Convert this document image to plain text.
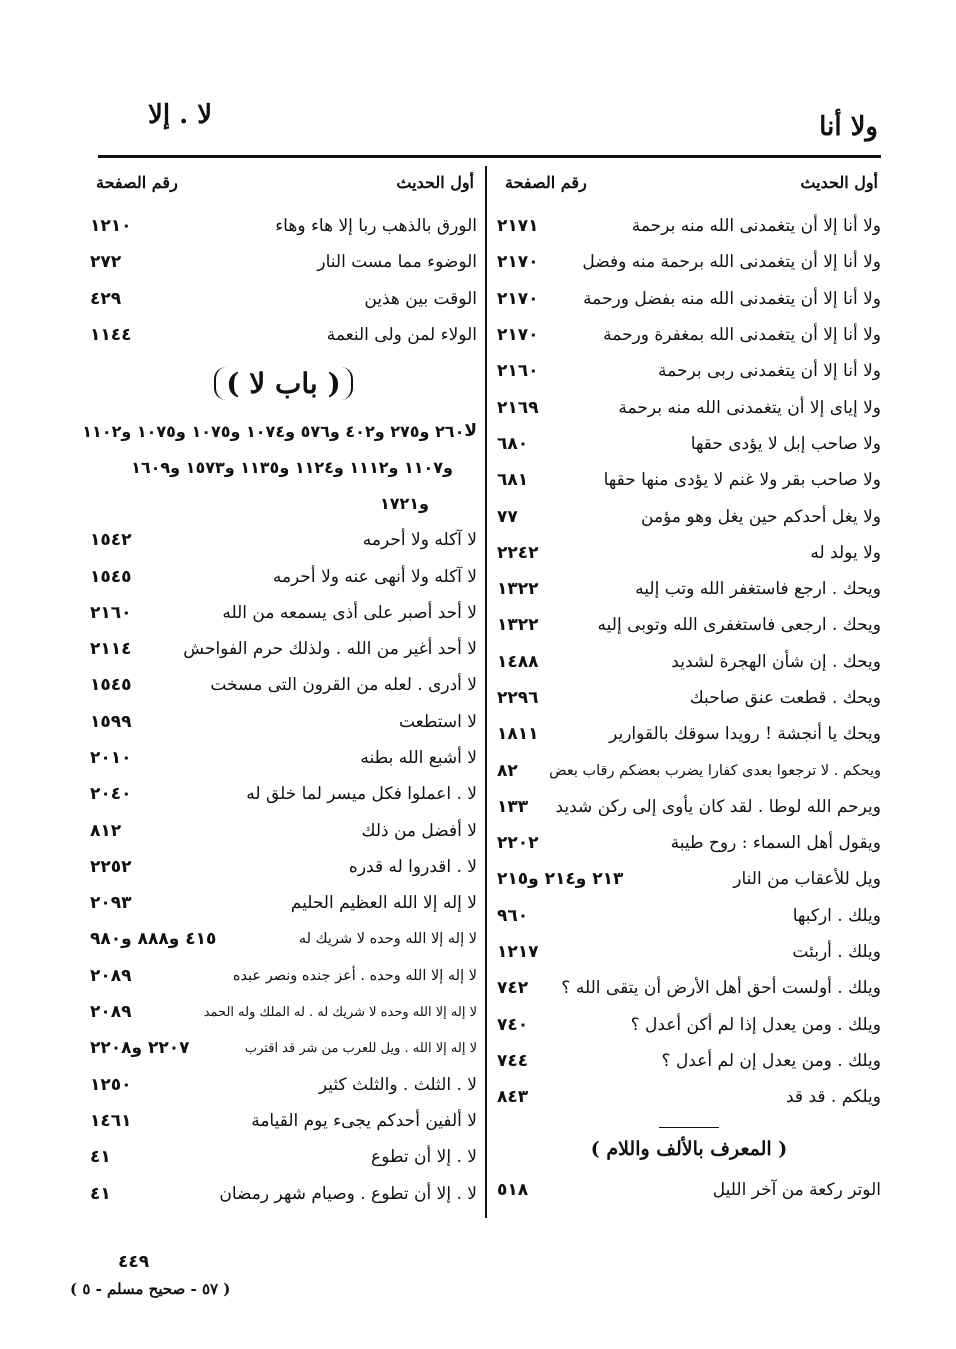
ولا أنا
لا . إلا
أول الحديث
رقم الصفحة
أول الحديث
رقم الصفحة
ولا أنا إلا أن يتغمدنى الله منه برحمة
٢١٧١
ولا أنا إلا أن يتغمدنى الله برحمة منه وفضل
٢١٧٠
ولا أنا إلا أن يتغمدنى الله منه بفضل ورحمة
٢١٧٠
ولا أنا إلا أن يتغمدنى الله بمغفرة ورحمة
٢١٧٠
ولا أنا إلا أن يتغمدنى ربى برحمة
٢١٦٠
ولا إياى إلا أن يتغمدنى الله منه برحمة
٢١٦٩
ولا صاحب إبل لا يؤدى حقها
٦٨٠
ولا صاحب بقر ولا غنم لا يؤدى منها حقها
٦٨١
ولا يغل أحدكم حين يغل وهو مؤمن
٧٧
ولا يولد له
٢٢٤٢
ويحك . ارجع فاستغفر الله وتب إليه
١٣٢٢
ويحك . ارجعى فاستغفرى الله وتوبى إليه
١٣٢٢
ويحك . إن شأن الهجرة لشديد
١٤٨٨
ويحك . قطعت عنق صاحبك
٢٢٩٦
ويحك يا أنجشة ! رويدا سوقك بالقوارير
١٨١١
ويحكم . لا ترجعوا بعدى كفارا يضرب بعضكم رقاب بعض
٨٢
ويرحم الله لوطا . لقد كان يأوى إلى ركن شديد
١٣٣
ويقول أهل السماء : روح طيبة
٢٢٠٢
ويل للأعقاب من النار
٢١٣ و٢١٤ و٢١٥
ويلك . اركبها
٩٦٠
ويلك . أربئت
١٢١٧
ويلك . أولست أحق أهل الأرض أن يتقى الله ؟
٧٤٢
ويلك . ومن يعدل إذا لم أكن أعدل ؟
٧٤٠
ويلك . ومن يعدل إن لم أعدل ؟
٧٤٤
ويلكم . قد قد
٨٤٣
( المعرف بالألف واللام )
الوتر ركعة من آخر الليل
٥١٨
الورق بالذهب ربا إلا هاء وهاء
١٢١٠
الوضوء مما مست النار
٢٧٢
الوقت بين هذين
٤٢٩
الولاء لمن ولى النعمة
١١٤٤
( باب لا )
لا
٢٦٠ و٢٧٥ و٤٠٢ و٥٧٦ و١٠٧٤ و١٠٧٥ و١٠٧٥ و١١٠٢
و١١٠٧ و١١١٢ و١١٢٤ و١١٣٥ و١٥٧٣ و١٦٠٩
و١٧٢١
لا آكله ولا أحرمه
١٥٤٢
لا آكله ولا أنهى عنه ولا أحرمه
١٥٤٥
لا أحد أصبر على أذى يسمعه من الله
٢١٦٠
لا أحد أغير من الله . ولذلك حرم الفواحش
٢١١٤
لا أدرى . لعله من القرون التى مسخت
١٥٤٥
لا استطعت
١٥٩٩
لا أشبع الله بطنه
٢٠١٠
لا . اعملوا فكل ميسر لما خلق له
٢٠٤٠
لا أفضل من ذلك
٨١٢
لا . اقدروا له قدره
٢٢٥٢
لا إله إلا الله العظيم الحليم
٢٠٩٣
لا إله إلا الله وحده لا شريك له
٤١٥ و٨٨٨ و٩٨٠
لا إله إلا الله وحده . أعز جنده ونصر عبده
٢٠٨٩
لا إله إلا الله وحده لا شريك له . له الملك وله الحمد
٢٠٨٩
لا إله إلا الله . ويل للعرب من شر قد اقترب
٢٢٠٧ و٢٢٠٨
لا . الثلث . والثلث كثير
١٢٥٠
لا ألفين أحدكم يجىء يوم القيامة
١٤٦١
لا . إلا أن تطوع
٤١
لا . إلا أن تطوع . وصيام شهر رمضان
٤١
٤٤٩
( ٥٧ - صحيح مسلم - ٥ )
